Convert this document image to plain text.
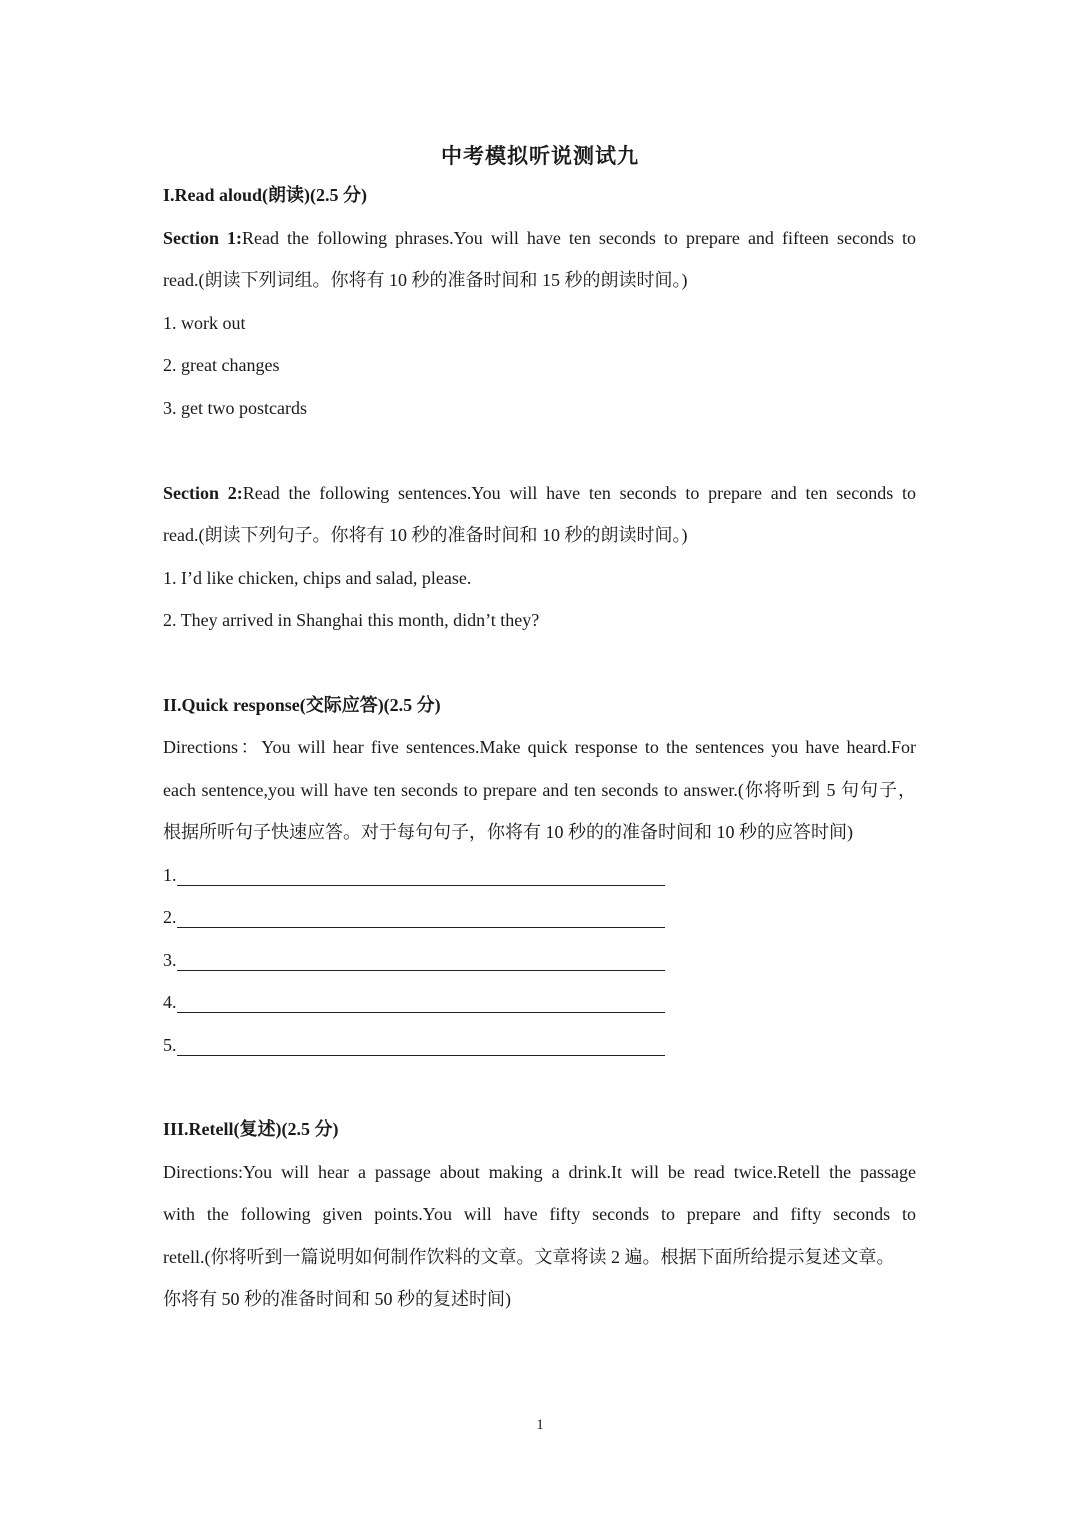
中考模拟听说测试九
I.Read aloud(朗读)(2.5 分)
Section 1:Read the following phrases.You will have ten seconds to prepare and fifteen seconds to
read.(朗读下列词组。你将有 10 秒的准备时间和 15 秒的朗读时间。)
1. work out
2. great changes
3. get two postcards
Section 2:Read the following sentences.You will have ten seconds to prepare and ten seconds to
read.(朗读下列句子。你将有 10 秒的准备时间和 10 秒的朗读时间。)
1. I’d like chicken, chips and salad, please.
2. They arrived in Shanghai this month, didn’t they?
II.Quick response(交际应答)(2.5 分)
Directions：You will hear five sentences.Make quick response to the sentences you have heard.For
each sentence,you will have ten seconds to prepare and ten seconds to answer.(你将听到 5 句句子，
根据所听句子快速应答。对于每句句子，你将有 10 秒的的准备时间和 10 秒的应答时间)
1.
2.
3.
4.
5.
III.Retell(复述)(2.5 分)
Directions:You will hear a passage about making a drink.It will be read twice.Retell the passage
with the following given points.You will have fifty seconds to prepare and fifty seconds to
retell.(你将听到一篇说明如何制作饮料的文章。文章将读 2 遍。根据下面所给提示复述文章。
你将有 50 秒的准备时间和 50 秒的复述时间)
1
